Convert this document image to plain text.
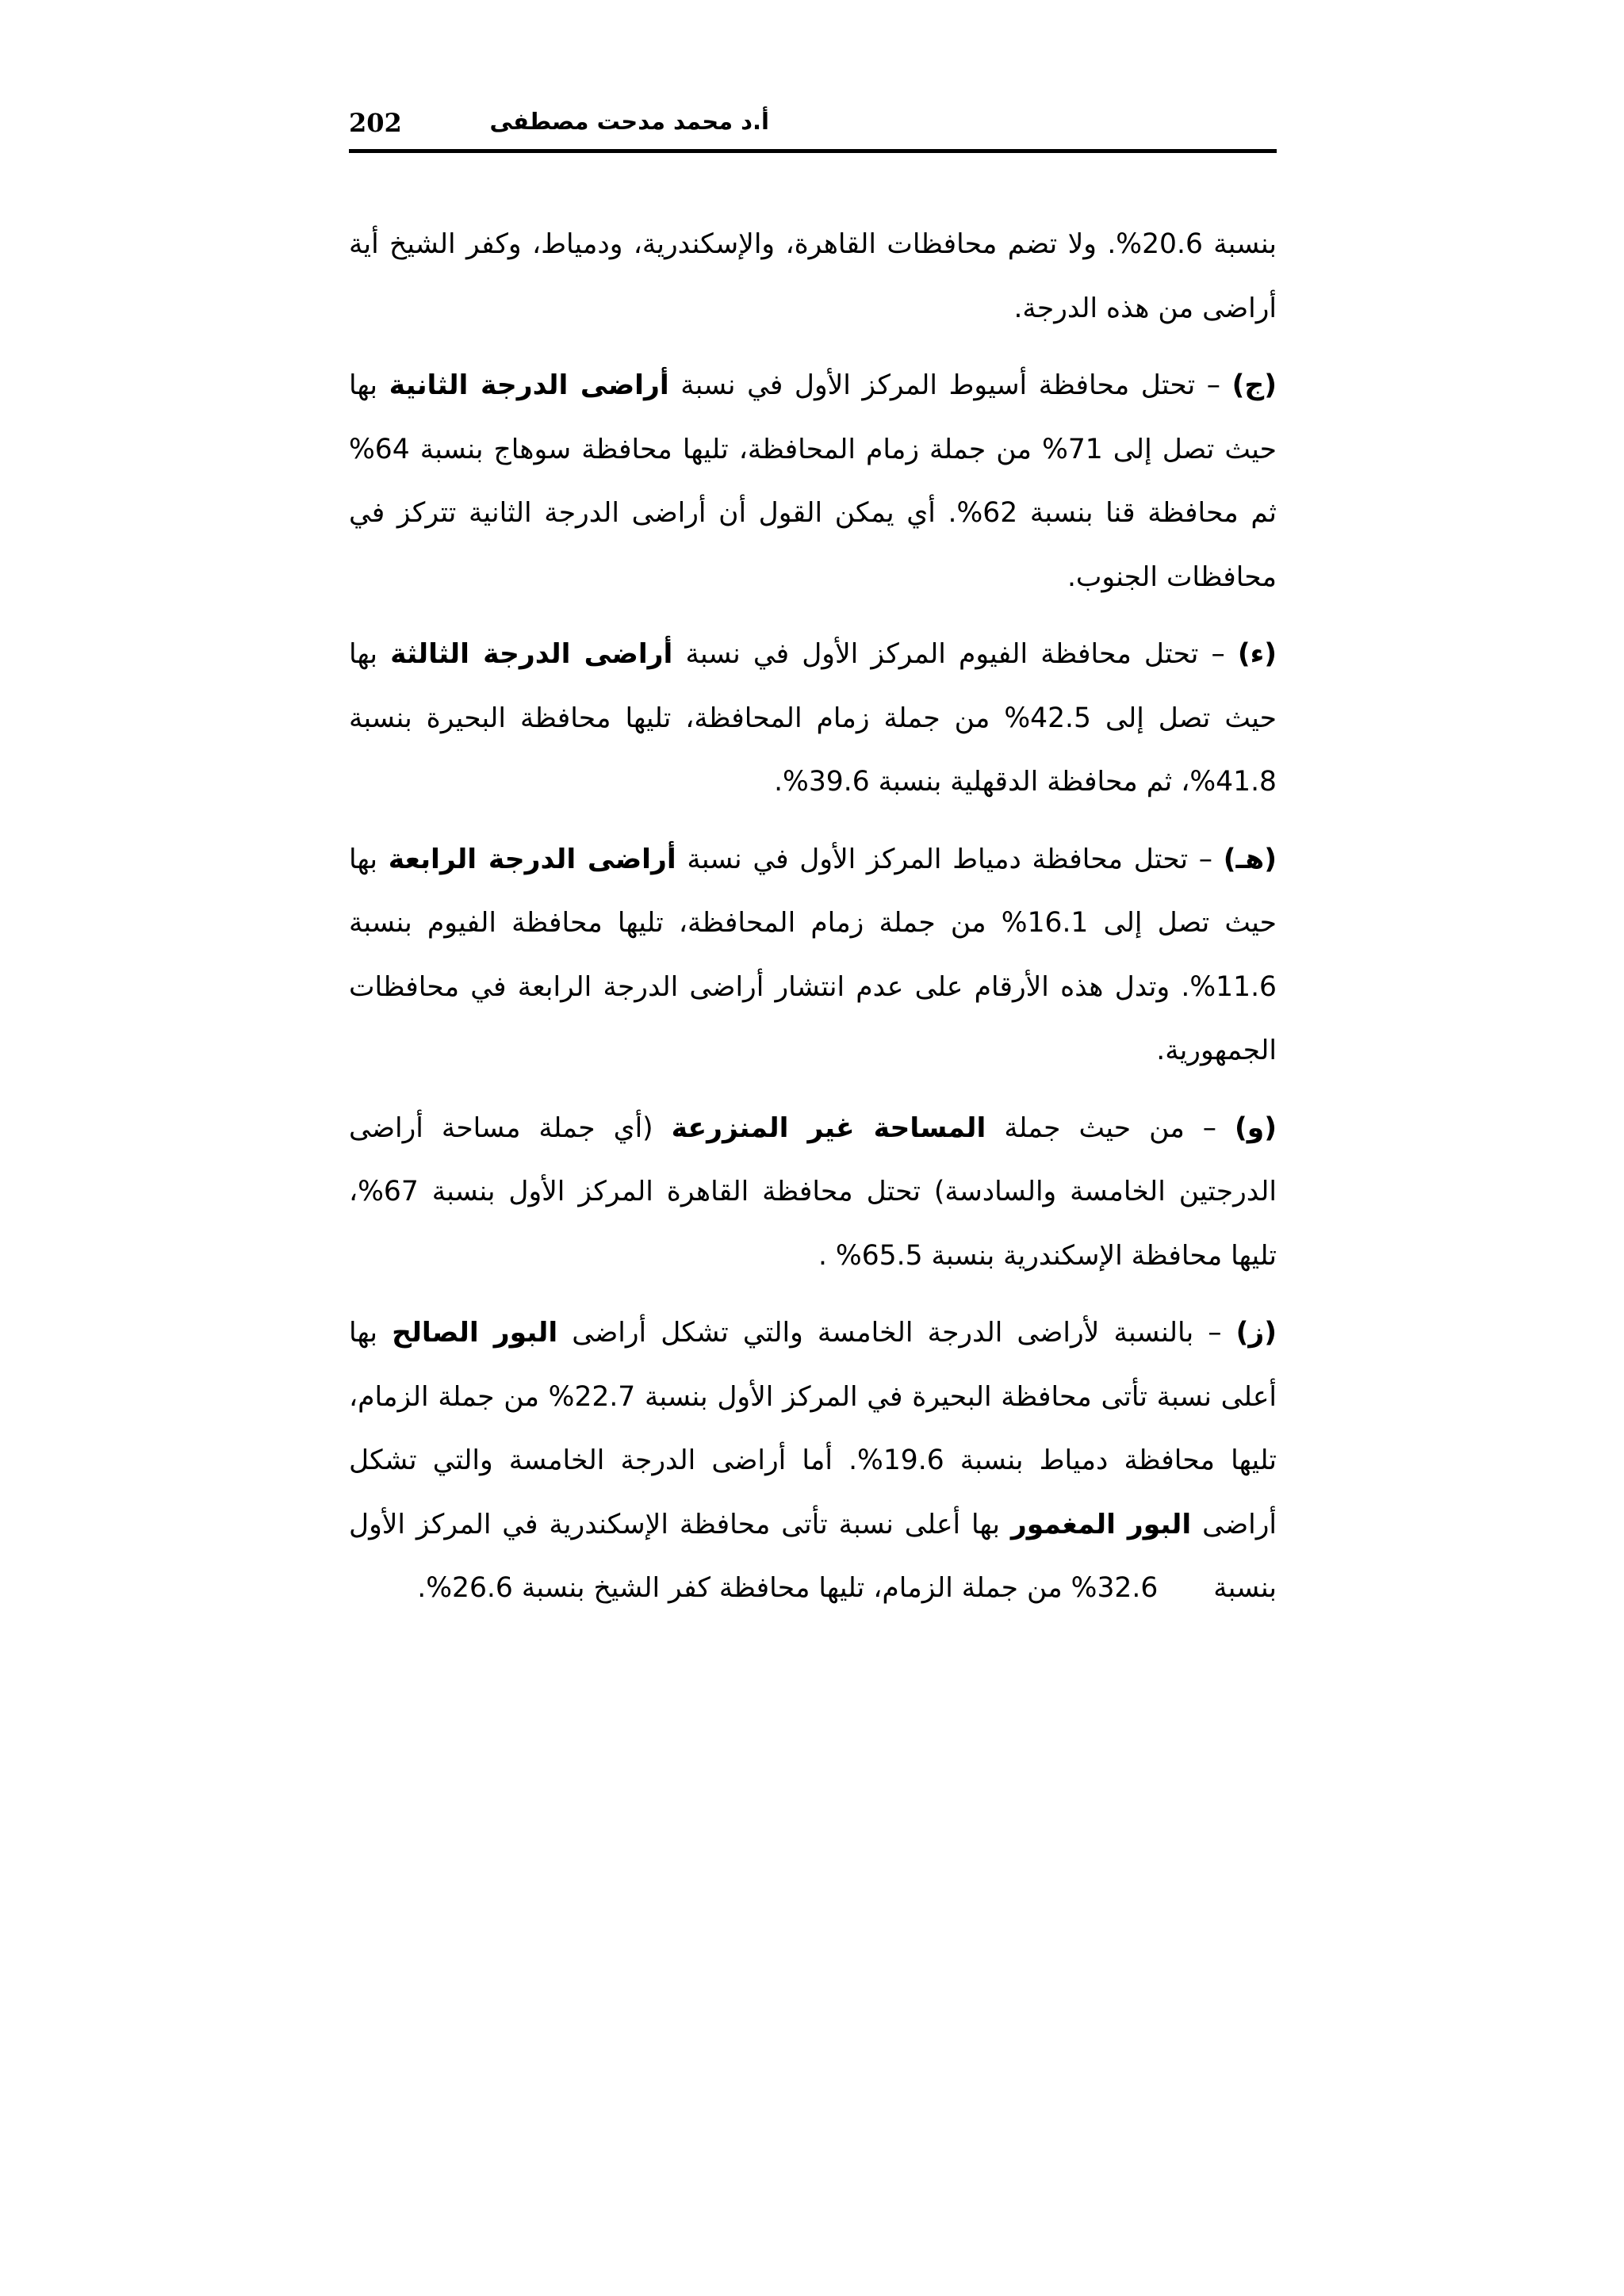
202	أ.د محمد مدحت مصطفى

بنسبة 20.6%. ولا تضم محافظات القاهرة، والإسكندرية، ودمياط، وكفر الشيخ أية أراضى من هذه الدرجة.

(ج) – تحتل محافظة أسيوط المركز الأول في نسبة أراضى الدرجة الثانية بها حيث تصل إلى 71% من جملة زمام المحافظة، تليها محافظة سوهاج بنسبة 64% ثم محافظة قنا بنسبة 62%. أي يمكن القول أن أراضى الدرجة الثانية تتركز في محافظات الجنوب.

(ء) – تحتل محافظة الفيوم المركز الأول في نسبة أراضى الدرجة الثالثة بها حيث تصل إلى 42.5% من جملة زمام المحافظة، تليها محافظة البحيرة بنسبة 41.8%، ثم محافظة الدقهلية بنسبة 39.6%.

(هـ) – تحتل محافظة دمياط المركز الأول في نسبة أراضى الدرجة الرابعة بها حيث تصل إلى 16.1% من جملة زمام المحافظة، تليها محافظة الفيوم بنسبة 11.6%. وتدل هذه الأرقام على عدم انتشار أراضى الدرجة الرابعة في محافظات الجمهورية.

(و) – من حيث جملة المساحة غير المنزرعة (أي جملة مساحة أراضى الدرجتين الخامسة والسادسة) تحتل محافظة القاهرة المركز الأول بنسبة 67%، تليها محافظة الإسكندرية بنسبة 65.5% .

(ز) – بالنسبة لأراضى الدرجة الخامسة والتي تشكل أراضى البور الصالح بها أعلى نسبة تأتى محافظة البحيرة في المركز الأول بنسبة 22.7% من جملة الزمام، تليها محافظة دمياط بنسبة 19.6%. أما أراضى الدرجة الخامسة والتي تشكل أراضى البور المغمور بها أعلى نسبة تأتى محافظة الإسكندرية في المركز الأول بنسبة32.6% من جملة الزمام، تليها محافظة كفر الشيخ بنسبة 26.6%.
